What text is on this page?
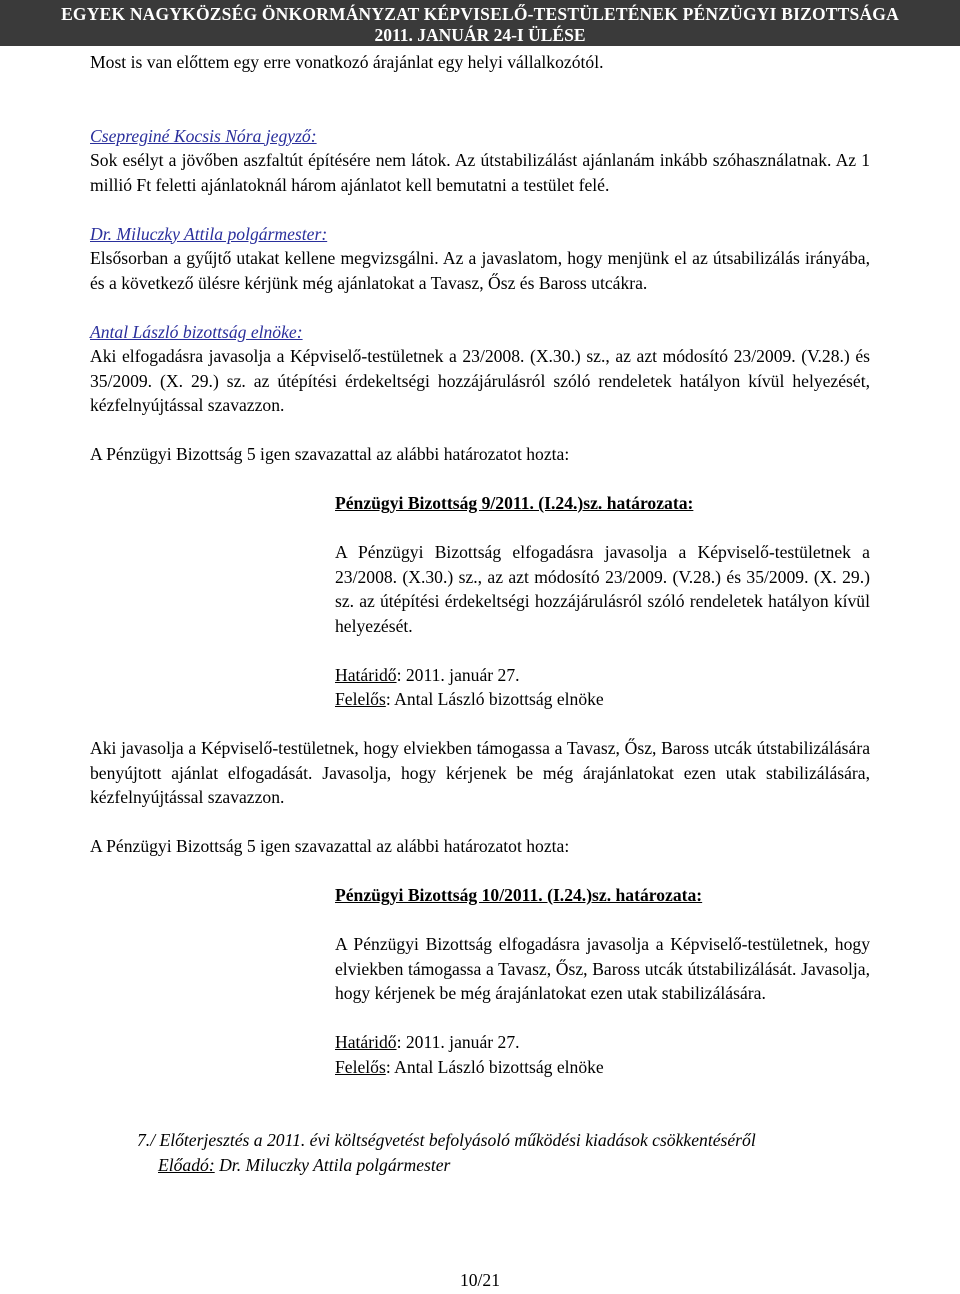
EGYEK NAGYKÖZSÉG ÖNKORMÁNYZAT KÉPVISELŐ-TESTÜLETÉNEK PÉNZÜGYI BIZOTTSÁGA
2011. JANUÁR 24-I ÜLÉSE

Most is van előttem egy erre vonatkozó árajánlat egy helyi vállalkozótól.

Csepreginé Kocsis Nóra jegyző:

Sok esélyt a jövőben aszfaltút építésére nem látok. Az útstabilizálást ajánlanám inkább szóhasználatnak. Az 1 millió Ft feletti ajánlatoknál három ajánlatot kell bemutatni a testület felé.

Dr. Miluczky Attila polgármester:

Elsősorban a gyűjtő utakat kellene megvizsgálni. Az a javaslatom, hogy menjünk el az útsabilizálás irányába, és a következő ülésre kérjünk még ajánlatokat a Tavasz, Ősz és Baross utcákra.

Antal László bizottság elnöke:

Aki elfogadásra javasolja a Képviselő-testületnek a 23/2008. (X.30.) sz., az azt módosító 23/2009. (V.28.) és 35/2009. (X. 29.) sz. az útépítési érdekeltségi hozzájárulásról szóló rendeletek hatályon kívül helyezését, kézfelnyújtással szavazzon.

A Pénzügyi Bizottság 5 igen szavazattal az alábbi határozatot hozta:

Pénzügyi Bizottság 9/2011. (I.24.)sz. határozata:

A Pénzügyi Bizottság elfogadásra javasolja a Képviselő-testületnek a 23/2008. (X.30.) sz., az azt módosító 23/2009. (V.28.) és 35/2009. (X. 29.) sz. az útépítési érdekeltségi hozzájárulásról szóló rendeletek hatályon kívül helyezését.

Határidő: 2011. január 27.

Felelős: Antal László bizottság elnöke

Aki javasolja a Képviselő-testületnek, hogy elviekben támogassa a Tavasz, Ősz, Baross utcák útstabilizálására benyújtott ajánlat elfogadását. Javasolja, hogy kérjenek be még árajánlatokat ezen utak stabilizálására, kézfelnyújtással szavazzon.

A Pénzügyi Bizottság 5 igen szavazattal az alábbi határozatot hozta:

Pénzügyi Bizottság 10/2011. (I.24.)sz. határozata:

A Pénzügyi Bizottság elfogadásra javasolja a Képviselő-testületnek, hogy elviekben támogassa a Tavasz, Ősz, Baross utcák útstabilizálását. Javasolja, hogy kérjenek be még árajánlatokat ezen utak stabilizálására.

Határidő: 2011. január 27.

Felelős: Antal László bizottság elnöke

7./ Előterjesztés a 2011. évi költségvetést befolyásoló működési kiadások csökkentéséről

Előadó: Dr. Miluczky Attila polgármester

10/21
